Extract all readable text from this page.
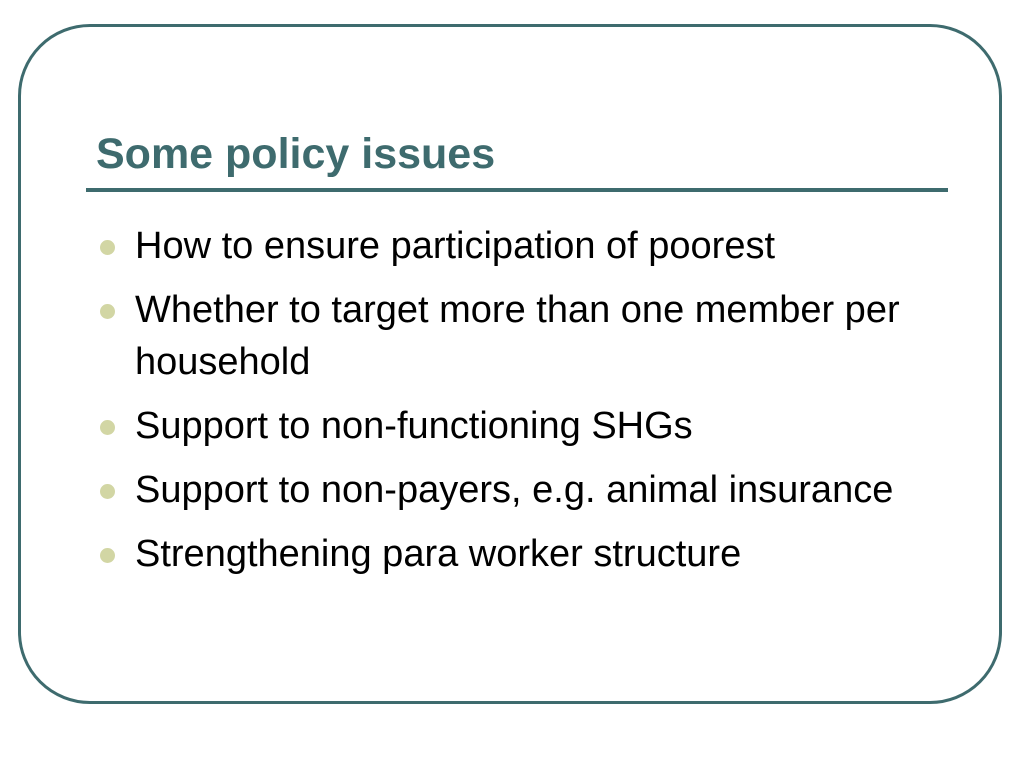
Some policy issues
How to ensure participation of poorest
Whether to target more than one member per household
Support to non-functioning SHGs
Support to non-payers, e.g. animal insurance
Strengthening para worker structure
